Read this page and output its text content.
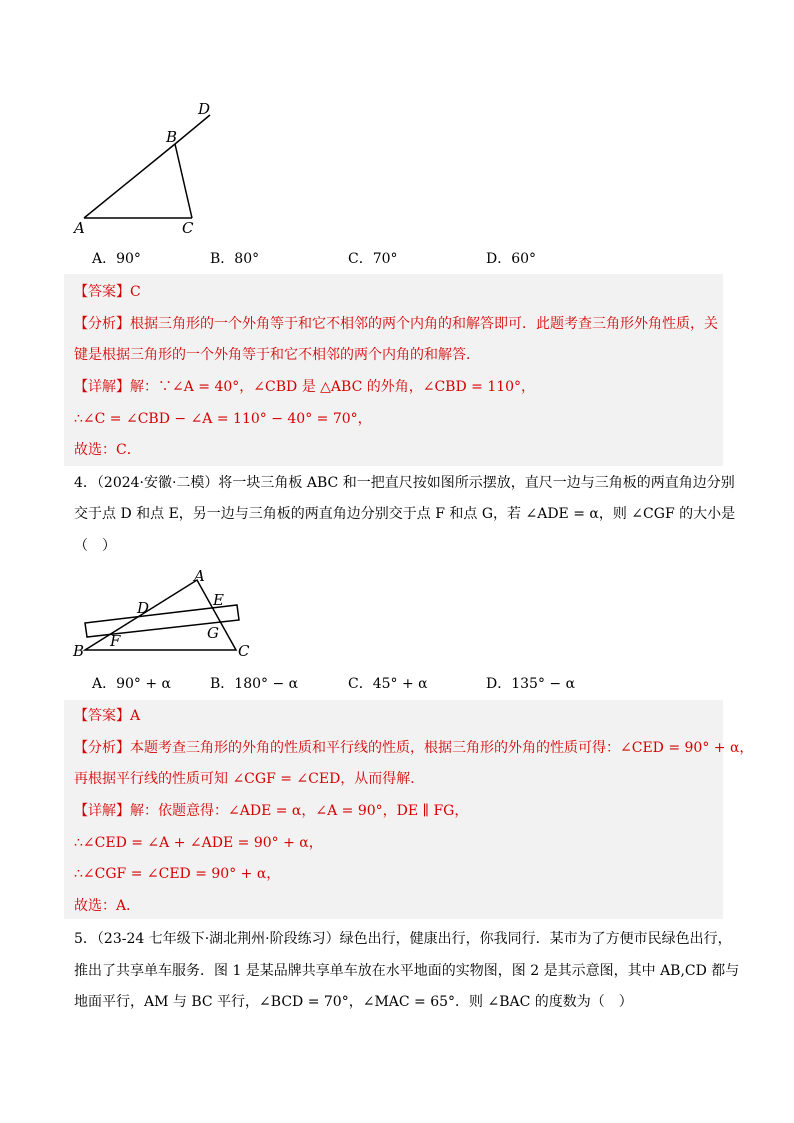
D
B
A	C
A．90°	B．80°	C．70°	D．60°
【答案】C
【分析】根据三角形的一个外角等于和它不相邻的两个内角的和解答即可．此题考查三角形外角性质，关
键是根据三角形的一个外角等于和它不相邻的两个内角的和解答．
【详解】解：∵∠A = 40°，∠CBD 是 △ABC 的外角，∠CBD = 110°，
∴∠C = ∠CBD − ∠A = 110° − 40° = 70°，
故选：C．
4．（2024·安徽·二模）将一块三角板 ABC 和一把直尺按如图所示摆放，直尺一边与三角板的两直角边分别
交于点 D 和点 E，另一边与三角板的两直角边分别交于点 F 和点 G，若 ∠ADE = α，则 ∠CGF 的大小是
（　）
A
D	E
F	G
B	C
A．90° + α	B．180° − α	C．45° + α	D．135° − α
【答案】A
【分析】本题考查三角形的外角的性质和平行线的性质，根据三角形的外角的性质可得：∠CED = 90° + α，
再根据平行线的性质可知 ∠CGF = ∠CED，从而得解．
【详解】解：依题意得：∠ADE = α，∠A = 90°，DE ∥ FG，
∴∠CED = ∠A + ∠ADE = 90° + α，
∴∠CGF = ∠CED = 90° + α，
故选：A．
5．（23-24 七年级下·湖北荆州·阶段练习）绿色出行，健康出行，你我同行．某市为了方便市民绿色出行，
推出了共享单车服务．图 1 是某品牌共享单车放在水平地面的实物图，图 2 是其示意图，其中 AB,CD 都与
地面平行，AM 与 BC 平行，∠BCD = 70°，∠MAC = 65°．则 ∠BAC 的度数为（　）
